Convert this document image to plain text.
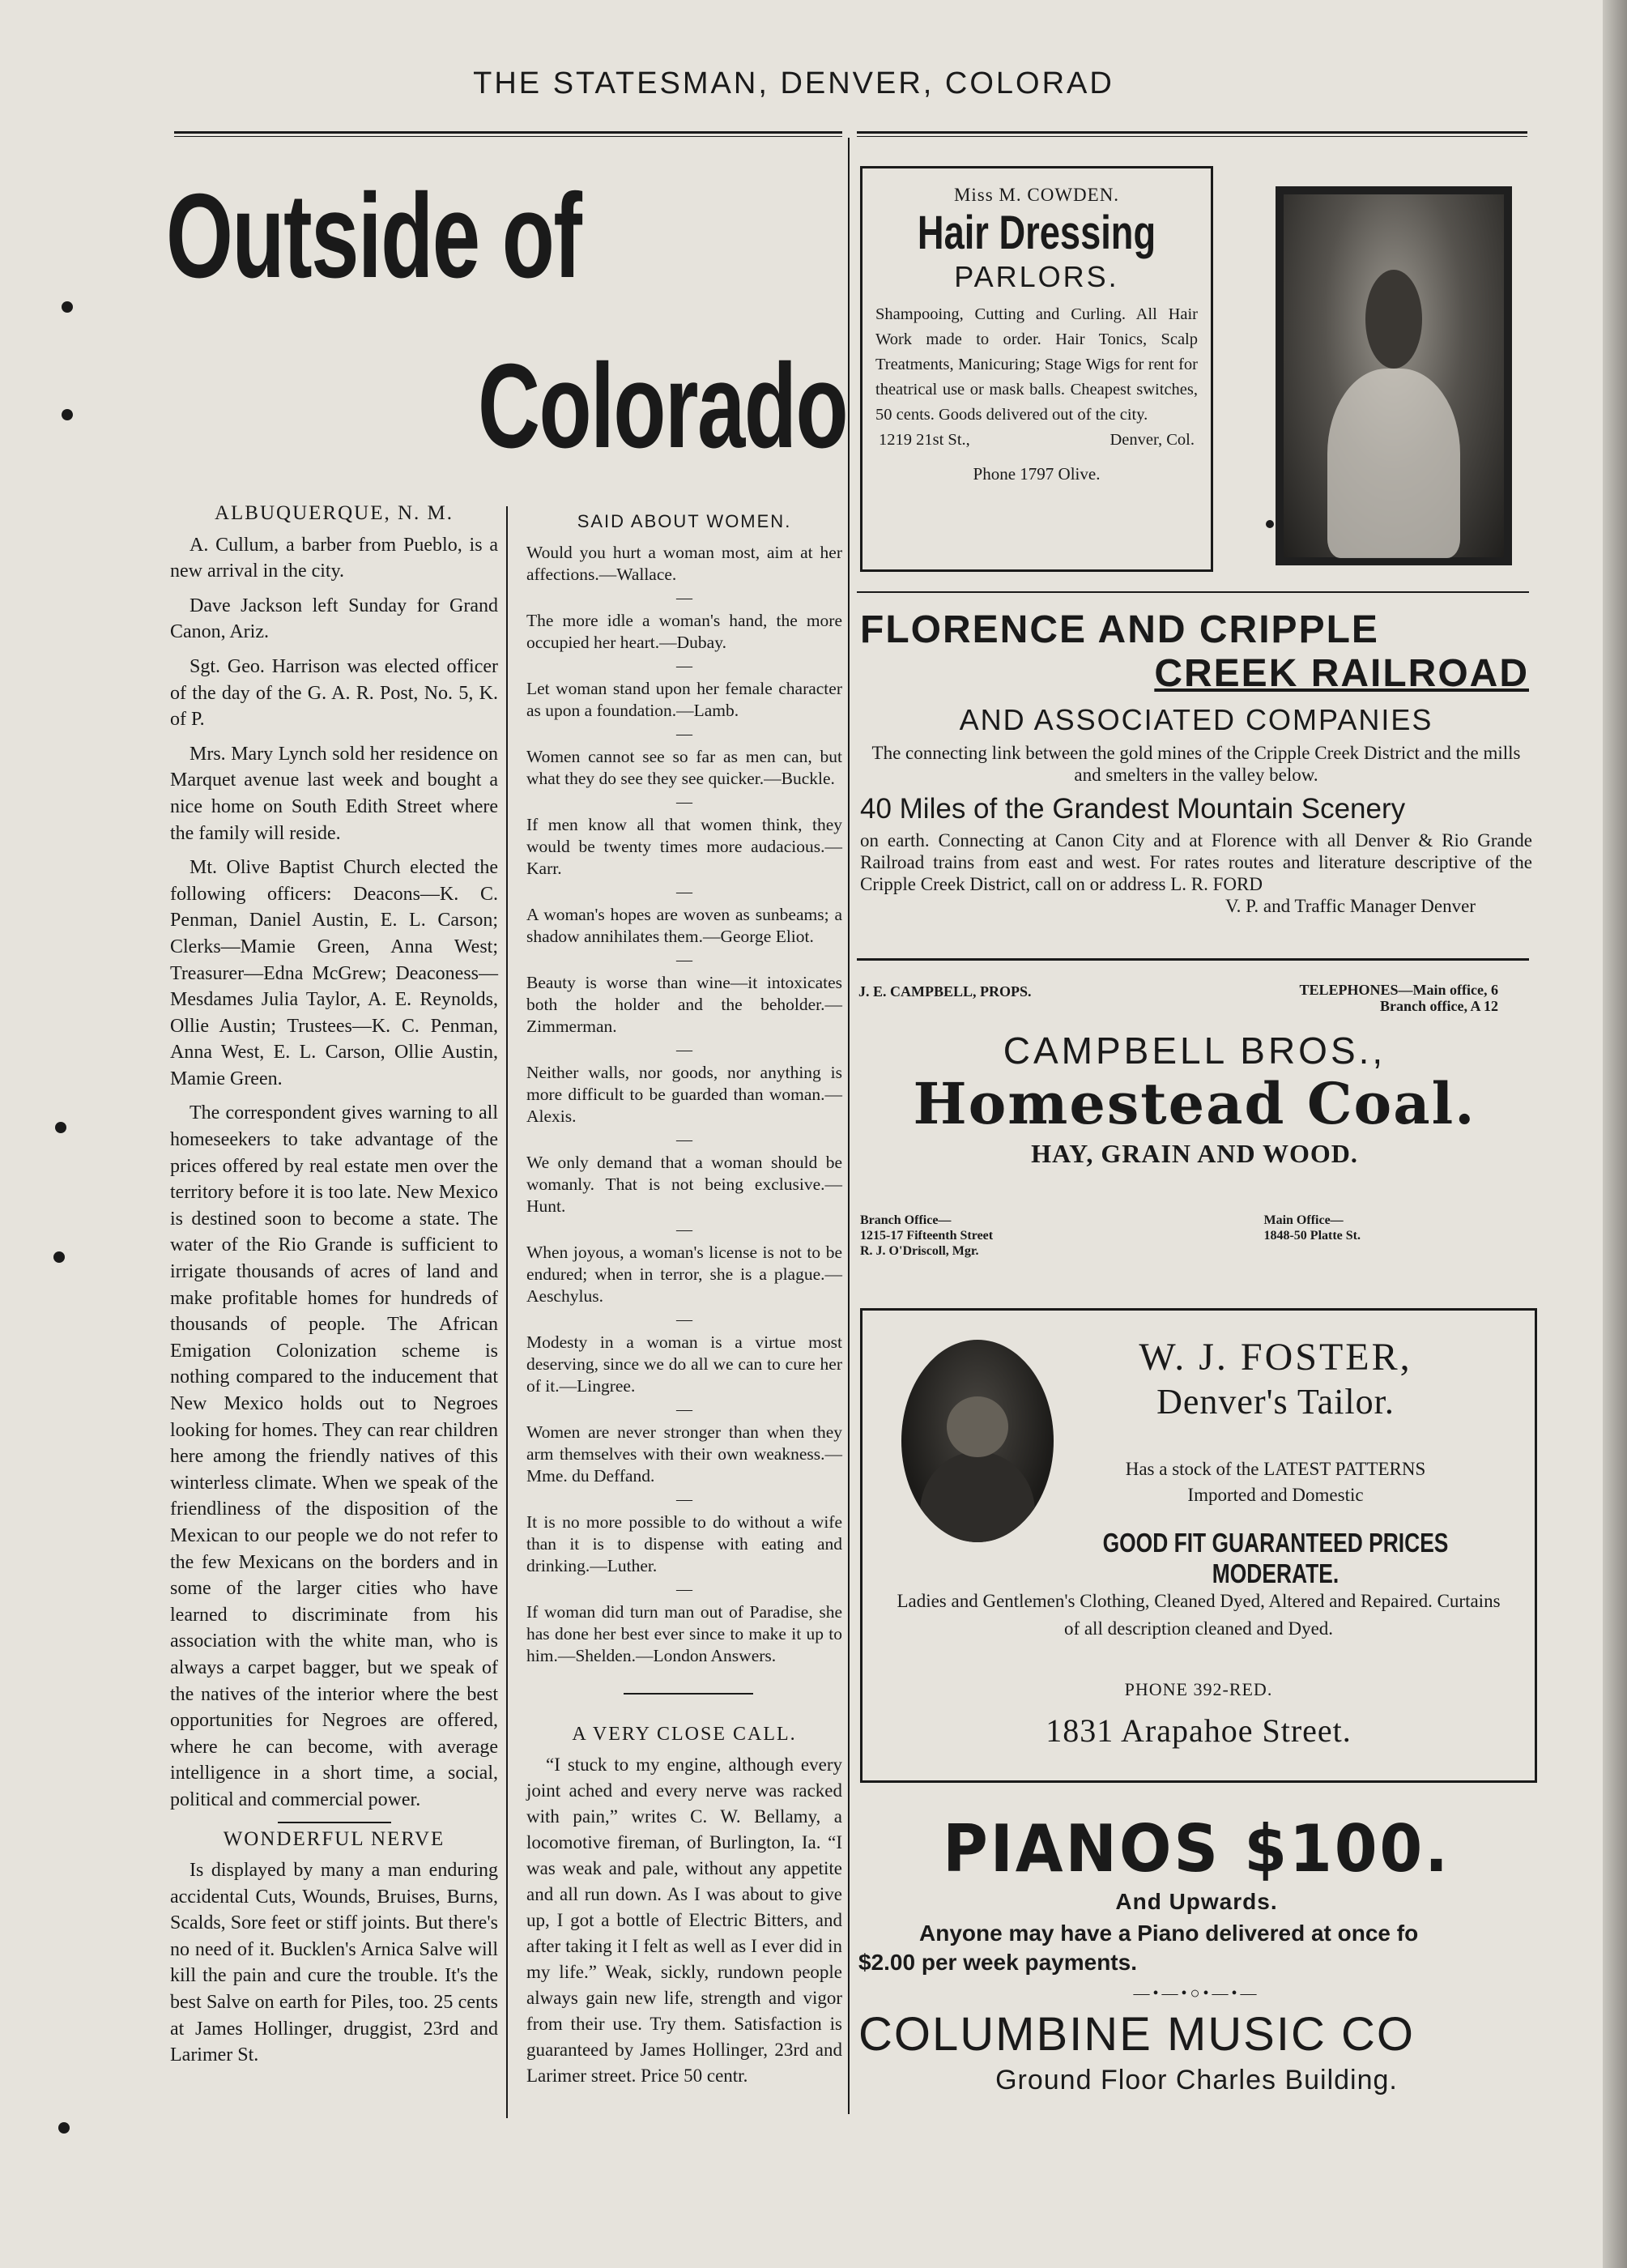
THE STATESMAN, DENVER, COLORAD
Outside of
Colorado
ALBUQUERQUE, N. M.

A. Cullum, a barber from Pueblo, is a new arrival in the city.

Dave Jackson left Sunday for Grand Canon, Ariz.

Sgt. Geo. Harrison was elected officer of the day of the G. A. R. Post, No. 5, K. of P.

Mrs. Mary Lynch sold her residence on Marquet avenue last week and bought a nice home on South Edith Street where the family will reside.

Mt. Olive Baptist Church elected the following officers: Deacons—K. C. Penman, Daniel Austin, E. L. Carson; Clerks—Mamie Green, Anna West; Treasurer—Edna McGrew; Deaconess—Mesdames Julia Taylor, A. E. Reynolds, Ollie Austin; Trustees—K. C. Penman, Anna West, E. L. Carson, Ollie Austin, Mamie Green.

The correspondent gives warning to all homeseekers to take advantage of the prices offered by real estate men over the territory before it is too late. New Mexico is destined soon to become a state. The water of the Rio Grande is sufficient to irrigate thousands of acres of land and make profitable homes for hundreds of thousands of people. The African Emigation Colonization scheme is nothing compared to the inducement that New Mexico holds out to Negroes looking for homes. They can rear children here among the friendly natives of this winterless climate. When we speak of the friendliness of the disposition of the Mexican to our people we do not refer to the few Mexicans on the borders and in some of the larger cities who have learned to discriminate from his association with the white man, who is always a carpet bagger, but we speak of the natives of the interior where the best opportunities for Negroes are offered, where he can become, with average intelligence in a short time, a social, political and commercial power.

WONDERFUL NERVE

Is displayed by many a man enduring accidental Cuts, Wounds, Bruises, Burns, Scalds, Sore feet or stiff joints. But there's no need of it. Bucklen's Arnica Salve will kill the pain and cure the trouble. It's the best Salve on earth for Piles, too. 25 cents at James Hollinger, druggist, 23rd and Larimer St.

SAID ABOUT WOMEN.

Would you hurt a woman most, aim at her affections.—Wallace.

—

The more idle a woman's hand, the more occupied her heart.—Dubay.

—

Let woman stand upon her female character as upon a foundation.—Lamb.

—

Women cannot see so far as men can, but what they do see they see quicker.—Buckle.

—

If men know all that women think, they would be twenty times more audacious.—Karr.

—

A woman's hopes are woven as sunbeams; a shadow annihilates them.—George Eliot.

—

Beauty is worse than wine—it intoxicates both the holder and the beholder.—Zimmerman.

—

Neither walls, nor goods, nor anything is more difficult to be guarded than woman.—Alexis.

—

We only demand that a woman should be womanly. That is not being exclusive.—Hunt.

—

When joyous, a woman's license is not to be endured; when in terror, she is a plague.—Aeschylus.

—

Modesty in a woman is a virtue most deserving, since we do all we can to cure her of it.—Lingree.

—

Women are never stronger than when they arm themselves with their own weakness.—Mme. du Deffand.

—

It is no more possible to do without a wife than it is to dispense with eating and drinking.—Luther.

—

If woman did turn man out of Paradise, she has done her best ever since to make it up to him.—Shelden.—London Answers.

A VERY CLOSE CALL.

“I stuck to my engine, although every joint ached and every nerve was racked with pain,” writes C. W. Bellamy, a locomotive fireman, of Burlington, Ia. “I was weak and pale, without any appetite and all run down. As I was about to give up, I got a bottle of Electric Bitters, and after taking it I felt as well as I ever did in my life.” Weak, sickly, rundown people always gain new life, strength and vigor from their use. Try them. Satisfaction is guaranteed by James Hollinger, 23rd and Larimer street. Price 50 centr.

Miss M. COWDEN.
Hair Dressing
PARLORS.
Shampooing, Cutting and Curling. All Hair Work made to order. Hair Tonics, Scalp Treatments, Manicuring; Stage Wigs for rent for theatrical use or mask balls. Cheapest switches, 50 cents. Goods delivered out of the city.
1219 21st St.,	Denver, Col.
Phone 1797 Olive.
FLORENCE AND CRIPPLE
CREEK RAILROAD
AND ASSOCIATED COMPANIES
The connecting link between the gold mines of the Cripple Creek District and the mills and smelters in the valley below.
40 Miles of the Grandest Mountain Scenery
on earth. Connecting at Canon City and at Florence with all Denver & Rio Grande Railroad trains from east and west. For rates routes and literature descriptive of the Cripple Creek District, call on or address L. R. FORD
V. P. and Traffic Manager Denver
J. E. CAMPBELL, PROPS.	TELEPHONES—Main office, 6
Branch office, A 12
CAMPBELL BROS.,
Homestead Coal.
HAY, GRAIN AND WOOD.
Branch Office—
1215-17 Fifteenth Street
R. J. O'Driscoll, Mgr.
Main Office—
1848-50 Platte St.
W. J. FOSTER,
Denver's Tailor.
Has a stock of the LATEST PATTERNS
Imported and Domestic
GOOD FIT GUARANTEED PRICES MODERATE.
Ladies and Gentlemen's Clothing, Cleaned Dyed, Altered and Repaired. Curtains of all description cleaned and Dyed.
PHONE 392-RED.
1831 Arapahoe Street.
PIANOS $100.
And Upwards.
Anyone may have a Piano delivered at once fo
$2.00 per week payments.
—•—•○•—•—
COLUMBINE MUSIC CO
Ground Floor Charles Building.
